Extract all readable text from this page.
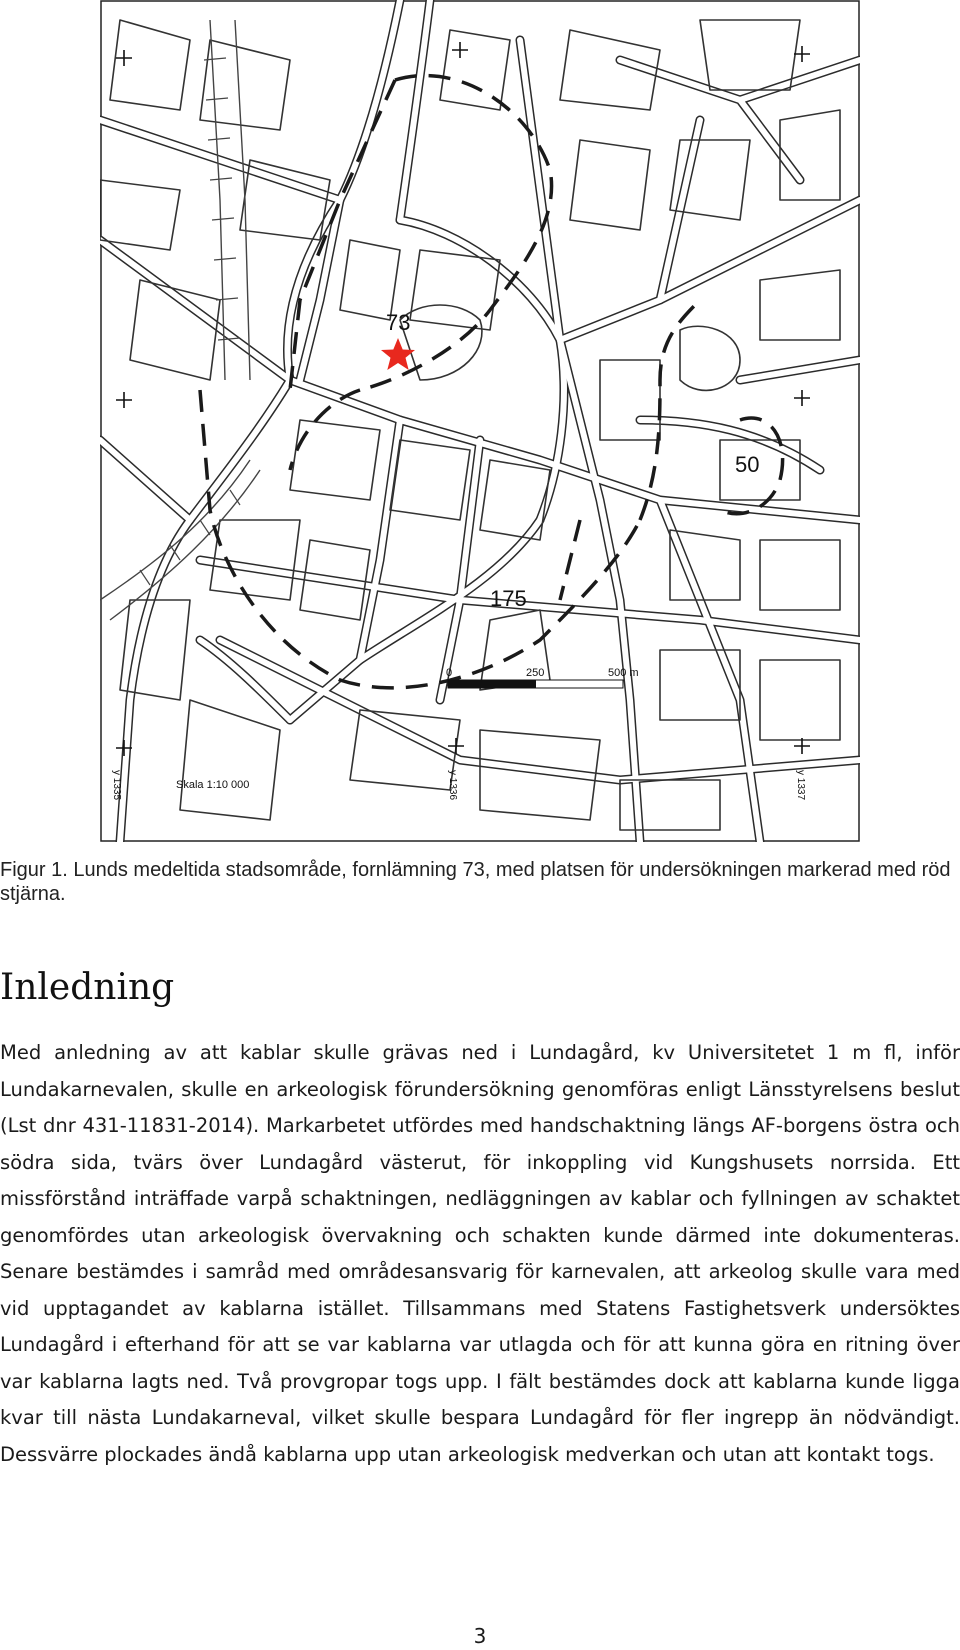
73
50
175
0	250	500 m
Skala 1:10 000
y 1335	y 1336	y 1337
Figur 1. Lunds medeltida stadsområde, fornlämning 73, med platsen för undersökningen markerad med röd stjärna.
Inledning

Med anledning av att kablar skulle grävas ned i Lundagård, kv Universitetet 1 m fl, inför Lundakarnevalen, skulle en arkeologisk förundersökning genomföras enligt Länsstyrelsens beslut (Lst dnr 431-11831-2014). Markarbetet utfördes med handschaktning längs AF-borgens östra och södra sida, tvärs över Lundagård västerut, för inkoppling vid Kungshusets norrsida. Ett missförstånd inträffade varpå schaktningen, nedläggningen av kablar och fyllningen av schaktet genomfördes utan arkeologisk övervakning och schakten kunde därmed inte dokumenteras. Senare bestämdes i samråd med områdesansvarig för karnevalen, att arkeolog skulle vara med vid upptagandet av kablarna istället. Tillsammans med Statens Fastighetsverk undersöktes Lundagård i efterhand för att se var kablarna var utlagda och för att kunna göra en ritning över var kablarna lagts ned. Två provgropar togs upp. I fält bestämdes dock att kablarna kunde ligga kvar till nästa Lundakarneval, vilket skulle bespara Lundagård för fler ingrepp än nödvändigt. Dessvärre plockades ändå kablarna upp utan arkeologisk medverkan och utan att kontakt togs.

3
